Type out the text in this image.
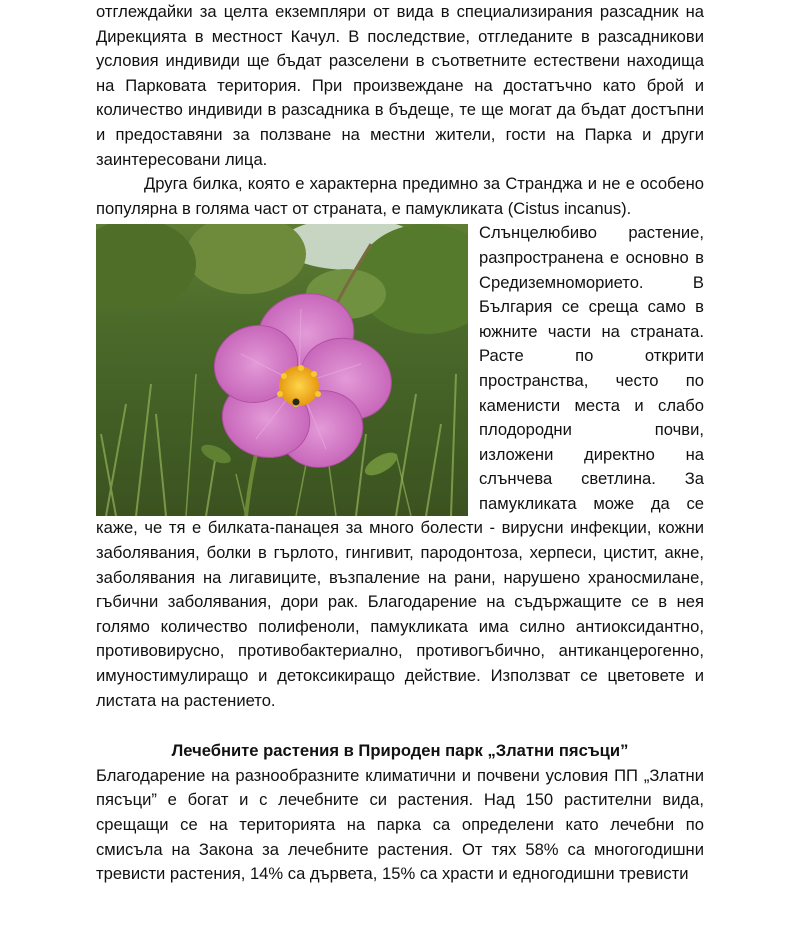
отглеждайки за целта екземпляри от вида в специализирания разсадник на Дирекцията в местност Качул. В последствие, отгледаните в разсадникови условия индивиди ще бъдат разселени в съответните естествени находища на Парковата територия. При произвеждане на достатъчно като брой и количество индивиди в разсадника в бъдеще, те ще могат да бъдат достъпни и предоставяни за ползване на местни жители, гости на Парка и други заинтересовани лица.

Друга билка, която е характерна предимно за Странджа и не е особено популярна в голяма част от страната, е памукликата (Cistus incanus).

Слънцелюбиво растение, разпространена е основно в Средиземноморието. В България се среща само в южните части на страната. Расте по открити пространства, често по каменисти места и слабо плодородни почви, изложени директно на слънчева светлина. За памукликата може да се каже, че тя е билката-панацея за много болести - вирусни инфекции, кожни заболявания, болки в гърлото, гингивит, пародонтоза, херпеси, цистит, акне, заболявания на лигавиците, възпаление на рани, нарушено храносмилане, гъбични заболявания, дори рак. Благодарение на съдържащите се в нея голямо количество полифеноли, памукликата има силно антиоксидантно, противовирусно, противобактериално, противогъбично, антиканцерогенно, имуностимулиращо и детоксикиращо действие. Използват се цветовете и листата на растението.

Лечебните растения в Природен парк „Златни пясъци”

Благодарение на разнообразните климатични и почвени условия ПП „Златни пясъци” е богат и с лечебните си растения. Над 150 растителни вида, срещащи се на територията на парка са определени като лечебни по смисъла на Закона за лечебните растения. От тях 58% са многогодишни тревисти растения, 14% са дървета, 15% са храсти и едногодишни тревисти
